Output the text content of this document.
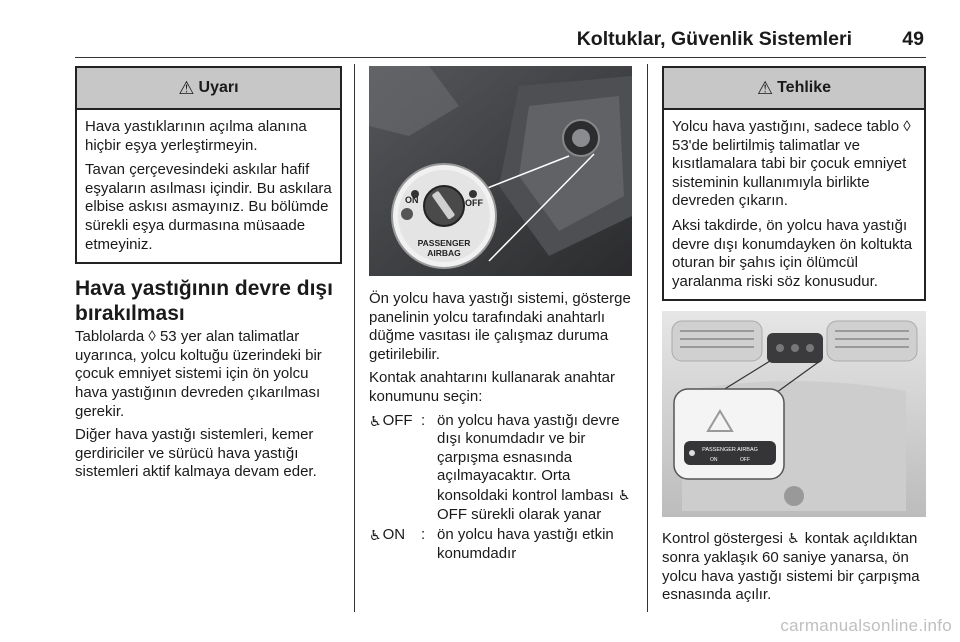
Koltuklar, Güvenlik Sistemleri	49
⚠ Uyarı

Hava yastıklarının açılma alanına hiçbir eşya yerleştirmeyin.

Tavan çerçevesindeki askılar hafif eşyaların asılması içindir. Bu askılara elbise askısı asmayınız. Bu bölümde sürekli eşya durmasına müsaade etmeyiniz.

Hava yastığının devre dışı bırakılması

Tablolarda ◊ 53 yer alan talimatlar uyarınca, yolcu koltuğu üzerindeki bir çocuk emniyet sistemi için ön yolcu hava yastığının devreden çıkarılması gerekir.

Diğer hava yastığı sistemleri, kemer gerdiriciler ve sürücü hava yastığı sistemleri aktif kalmaya devam eder.

ON	OFF
PASSENGER
AIRBAG

Ön yolcu hava yastığı sistemi, gösterge panelinin yolcu tarafındaki anahtarlı düğme vasıtası ile çalışmaz duruma getirilebilir.

Kontak anahtarını kullanarak anahtar konumunu seçin:

♿ OFF : ön yolcu hava yastığı devre dışı konumdadır ve bir çarpışma esnasında açılmayacaktır. Orta konsoldaki kontrol lambası ♿OFF sürekli olarak yanar
♿ ON : ön yolcu hava yastığı etkin konumdadır
⚠ Tehlike

Yolcu hava yastığını, sadece tablo ◊ 53'de belirtilmiş talimatlar ve kısıtlamalara tabi bir çocuk emniyet sisteminin kullanımıyla birlikte devreden çıkarın.

Aksi takdirde, ön yolcu hava yastığı devre dışı konumdayken ön koltukta oturan bir şahıs için ölümcül yaralanma riski söz konusudur.

PASSENGER AIRBAG
ON	OFF

Kontrol göstergesi ♿ kontak açıldıktan sonra yaklaşık 60 saniye yanarsa, ön yolcu hava yastığı sistemi bir çarpışma esnasında açılır.

carmanualsonline.info
